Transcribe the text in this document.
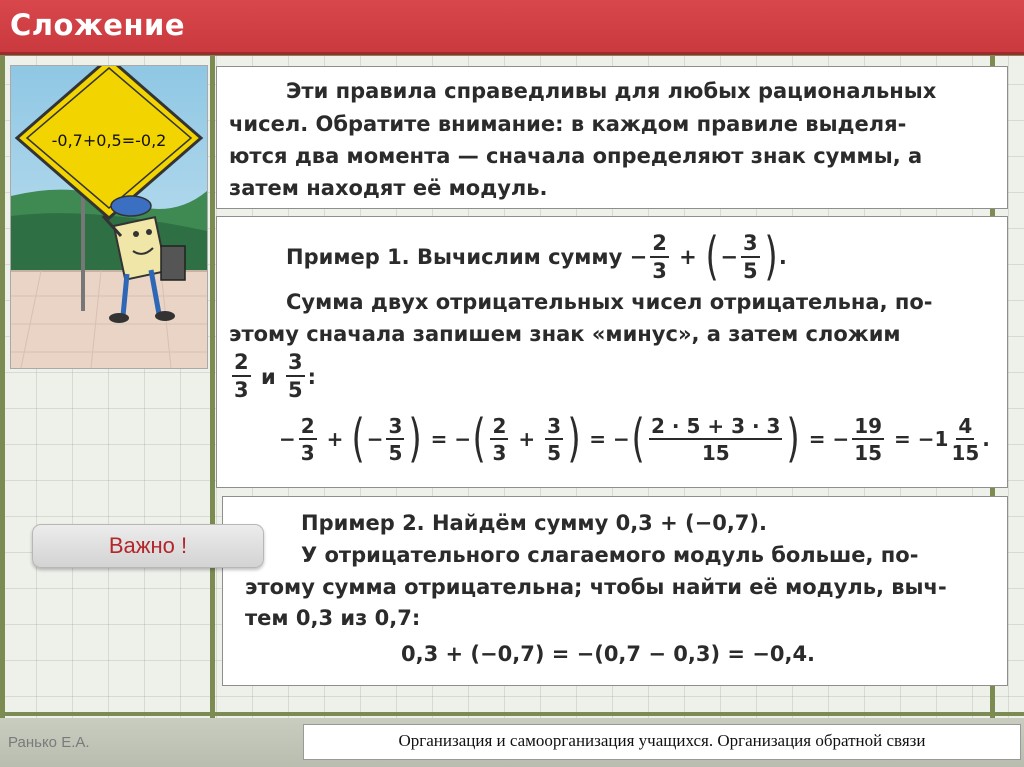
Сложение
-0,7+0,5=-0,2
Эти правила справедливы для любых рациональных
чисел. Обратите внимание: в каждом правиле выделя-
ются два момента — сначала определяют знак суммы, а
затем находят её модуль.
Пример 1.
Вычислим сумму
− $\frac{2}{3}$
+
( − $\frac{3}{5}$ ) .
Сумма двух отрицательных чисел отрицательна, по-
этому сначала запишем знак «минус», а затем сложим
$\frac{2}{3}$
и
$\frac{3}{5}$ :
− $\frac{2}{3}$
+
( − $\frac{3}{5}$ )
=
− ( $\frac{2}{3}$
+
$\frac{3}{5}$ )
=
− ( $\frac{2 \cdot 5 + 3 \cdot 3}{15}$ )
=
− $\frac{19}{15}$
=
− $1 \frac{4}{15}$ .
Пример 2. Найдём сумму 0,3 + (−0,7).
У отрицательного слагаемого модуль больше, по-
этому сумма отрицательна; чтобы найти её модуль, выч-
тем 0,3 из 0,7:
0,3 + (−0,7) = −(0,7 − 0,3) = −0,4.
Важно !
Ранько Е.А.	Организация и самоорганизация учащихся. Организация обратной связи
